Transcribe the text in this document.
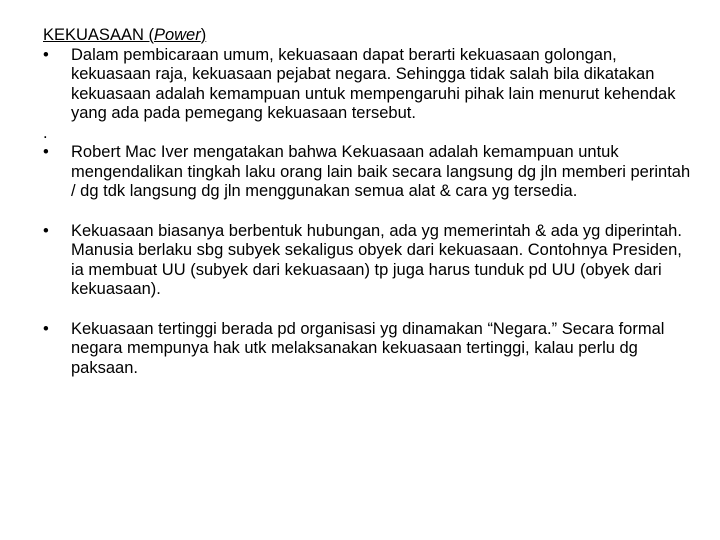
KEKUASAAN (Power)

•	Dalam pembicaraan umum, kekuasaan dapat berarti kekuasaan golongan, kekuasaan raja, kekuasaan pejabat negara. Sehingga tidak salah bila dikatakan kekuasaan adalah kemampuan untuk mempengaruhi pihak lain menurut kehendak yang ada pada pemegang kekuasaan tersebut.

.

•	Robert Mac Iver mengatakan bahwa Kekuasaan adalah kemampuan untuk mengendalikan tingkah laku orang lain baik secara langsung dg jln memberi perintah / dg tdk langsung dg jln menggunakan semua alat & cara yg tersedia.

•	Kekuasaan biasanya berbentuk hubungan, ada yg memerintah & ada yg diperintah. Manusia berlaku sbg subyek sekaligus obyek dari kekuasaan. Contohnya Presiden, ia membuat UU (subyek dari kekuasaan) tp juga harus tunduk pd UU (obyek dari kekuasaan).

•	Kekuasaan tertinggi berada pd organisasi yg dinamakan “Negara.” Secara formal negara mempunya hak utk melaksanakan kekuasaan tertinggi, kalau perlu dg paksaan.
